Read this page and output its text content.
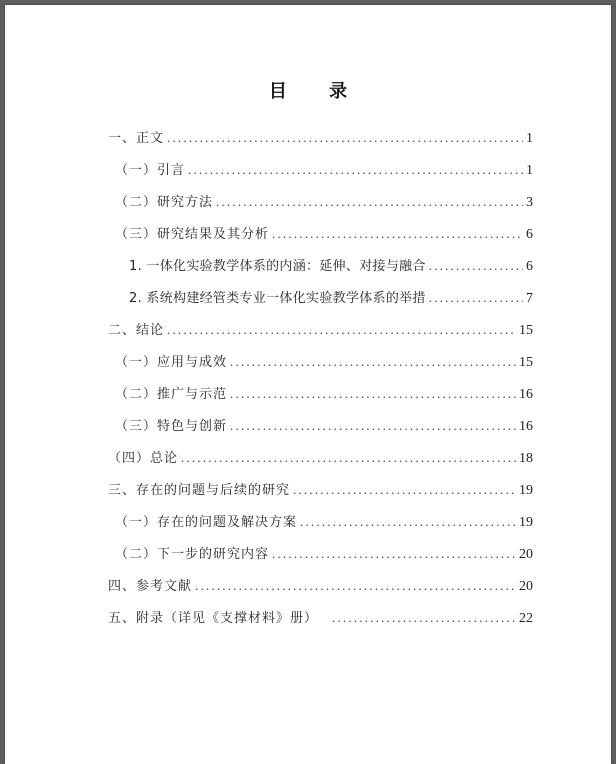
目 录
一、正文 .....	1
（一）引言 .....	1
（二）研究方法 .....	3
（三）研究结果及其分析 .....	6
1. 一体化实验教学体系的内涵：延伸、对接与融合 .....	6
2. 系统构建经管类专业一体化实验教学体系的举措 .....	7
二、结论 .....	15
（一）应用与成效 .....	15
（二）推广与示范 .....	16
（三）特色与创新 .....	16
（四）总论 .....	18
三、存在的问题与后续的研究 .....	19
（一）存在的问题及解决方案 .....	19
（二）下一步的研究内容 .....	20
四、参考文献 .....	20
五、附录（详见《支撑材料》册） .....	22
